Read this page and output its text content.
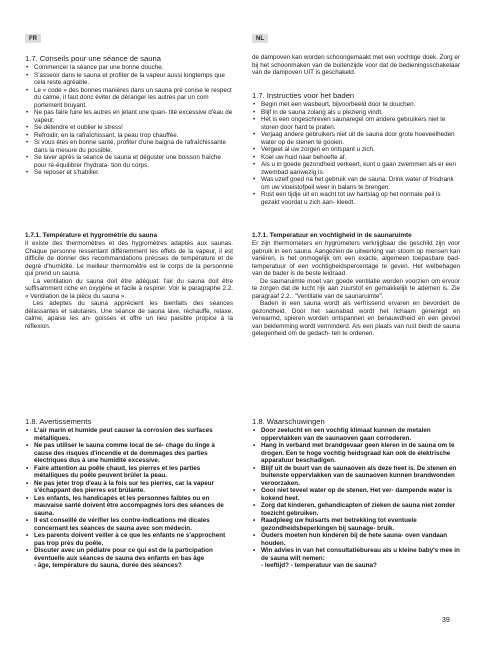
FR	NL
1.7. Conseils pour une séance de sauna
• Commencer la séance par une bonne douche.
• S'asseoir dans le sauna et profiter de la vapeur aussi longtemps que cela reste agréable.
• Le « code » des bonnes manières dans un sauna pré conise le respect du calme, il faut donc éviter de déranger les autres par un com portement bruyant.
• Ne pas faire fuire les autres en jetant une quan- tité excessive d'eau de vapeur.
• Se détendre et oublier le stress!
• Refroidir, en la rafraîchissant, la peau trop chauffée.
• Si vous êtes en bonne santé, profiter d'une baigna de rafraîchissante dans la mesure du possible.
• Se laver après la séance de sauna et déguster une boisson fraîche pour ré-équilibrer l'hydrata- tion du corps.
• Se reposer et s'habiller.
1.7.1. Température et hygrométrie du sauna

Il existe des thermomètres et des hygromètres adaptés aux saunas. Chaque personne ressentant différemment les effets de la vapeur, il est difficile de donner des recommandations précises de température et de degré d'humidité. Le meilleur thermomètre est le corps de la personnne qui prend un sauna.

La ventilation du sauna doit être adéquat: l'air du sauna doit être suffisamment riche en oxygène et facile à respirer. Voir le paragraphe 2.2. « Ventilation de la pièce du sauna ».

Les adeptes du sauna apprécient les bienfaits des séances délassantes et salutaires. Une séance de sauna lave, réchauffe, relaxe, calme, apaise les an- goisses et offre un lieu paisible propice à la réflexion.

1.8. Avertissements
• L'air marin et humide peut causer la corrosion des surfaces métalliques.
• Ne pas utiliser le sauna comme local de sé- chage du linge à cause des risques d'incendie et de dommages des parties électriques dus à une humidité excessive.
• Faire attention au poêle chaud, les pierres et les parties métalliques du poêle peuvent brûler la peau.
• Ne pas jeter trop d'eau à la fois sur les pierres, car la vapeur s'échappant des pierres est brûlante.
• Les enfants, les handicapés et les personnes faibles ou en mauvaise santé doivent être accompagnés lors des séances de sauna.
• Il est conseillé de vérifier les contre-indications mé dicales concernant les séances de sauna avec son médecin.
• Les parents doivent veiller à ce que les enfants ne s'approchent pas trop près du poêle.
• Discuter avec un pédiatre pour ce qui est de la participation éventuelle aux séances de sauna des enfants en bas âge
- âge, température du sauna, durée des séances?

de dampoven kan worden schoongemaakt met een vochtige doek. Zorg er bij het schoonmaken van de buitenzijde voor dat de bedieningsschakelaar van de dampoven UIT is geschakeld.

1.7. Instructies voor het baden
• Begin met een wasbeurt, bijvoorbeeld door te douchen.
• Blijf in de sauna zolang als u plezierig vindt.
• Het is een ongeschreven saunaregel om andere gebruikers niet te storen door hard te praten.
• Verjaag andere gebruikers niet uit de sauna door grote hoeveelheden water op de stenen te gooien.
• Vergeet al uw zorgen en ontspant u zich.
• Koel uw huid naar behoefte af.
• Als u in goede gezondheid verkeert, kunt u gaan zwemmen als er een zwembad aanwezig is.
• Was uzelf goed na het gebruik van de sauna. Drink water of frisdrank om uw vloeistofpeil weer in balans te brengen.
• Rust een tijdje uit en wacht tot uw hartslag op het normale peil is gezakt voordat u zich aan- kleedt.
1.7.1. Temperatuur en vochtigheid in de saunaruimte

Er zijn thermometers en hygrometers verkrijgbaar die geschikt zijn voor gebruik in een sauna. Aangezien de uitwerking van stoom op mensen kan variëren, is het onmogelijk om een exacte, algemeen toepasbare bad- temperatuur of een vochtigheidspercentage te geven. Het welbehagen van de bader is de beste leidraad.

De saunaruimte moet van goede ventilatie worden voorzien om ervoor te zorgen dat de lucht rijk aan zuurstof en gemakkelijk te ademen is. Zie paragraaf 2.2.. "Ventilatie van de saunaruimte".

Baden in een sauna wordt als verfrissend ervaren en bevordert de gezondheid. Door het saunabad wordt het lichaam gereinigd en verwarmd, spieren worden ontspannen en benauwdheid en een gevoel van beklemming wordt verminderd. Als een plaats van rust biedt de sauna gelegenheid om de gedach- ten te ordenen.

1.8. Waarschuwingen
• Door zeelucht en een vochtig klimaat kunnen de metalen oppervlakken van de saunaoven gaan corroderen.
• Hang in verband met brandgevaar geen kleren in de sauna om te drogen. Een te hoge vochtig heidsgraad kan ook de elektrische apparatuur beschadigen.
• Blijf uit de buurt van de saunaoven als deze heet is. De stenen en buitenste oppervlakken van de saunaoven kunnen brandwonden veroorzaken.
• Gooi niet teveel water op de stenen. Het ver- dampende water is kokend heet.
• Zorg dat kinderen, gehandicapten of zieken de sauna niet zonder toezicht gebruiken.
• Raadpleeg uw huisarts met betrekking tot eventuele gezondheidsbeperkingen bij saunage- bruik.
• Ouders moeten hun kinderen bij de hete sauna- oven vandaan houden.
• Win advies in van het consultatiebureau als u kleine baby's mee in de sauna wilt nemen:
- leeftijd? - temperatuur van de sauna?
39
